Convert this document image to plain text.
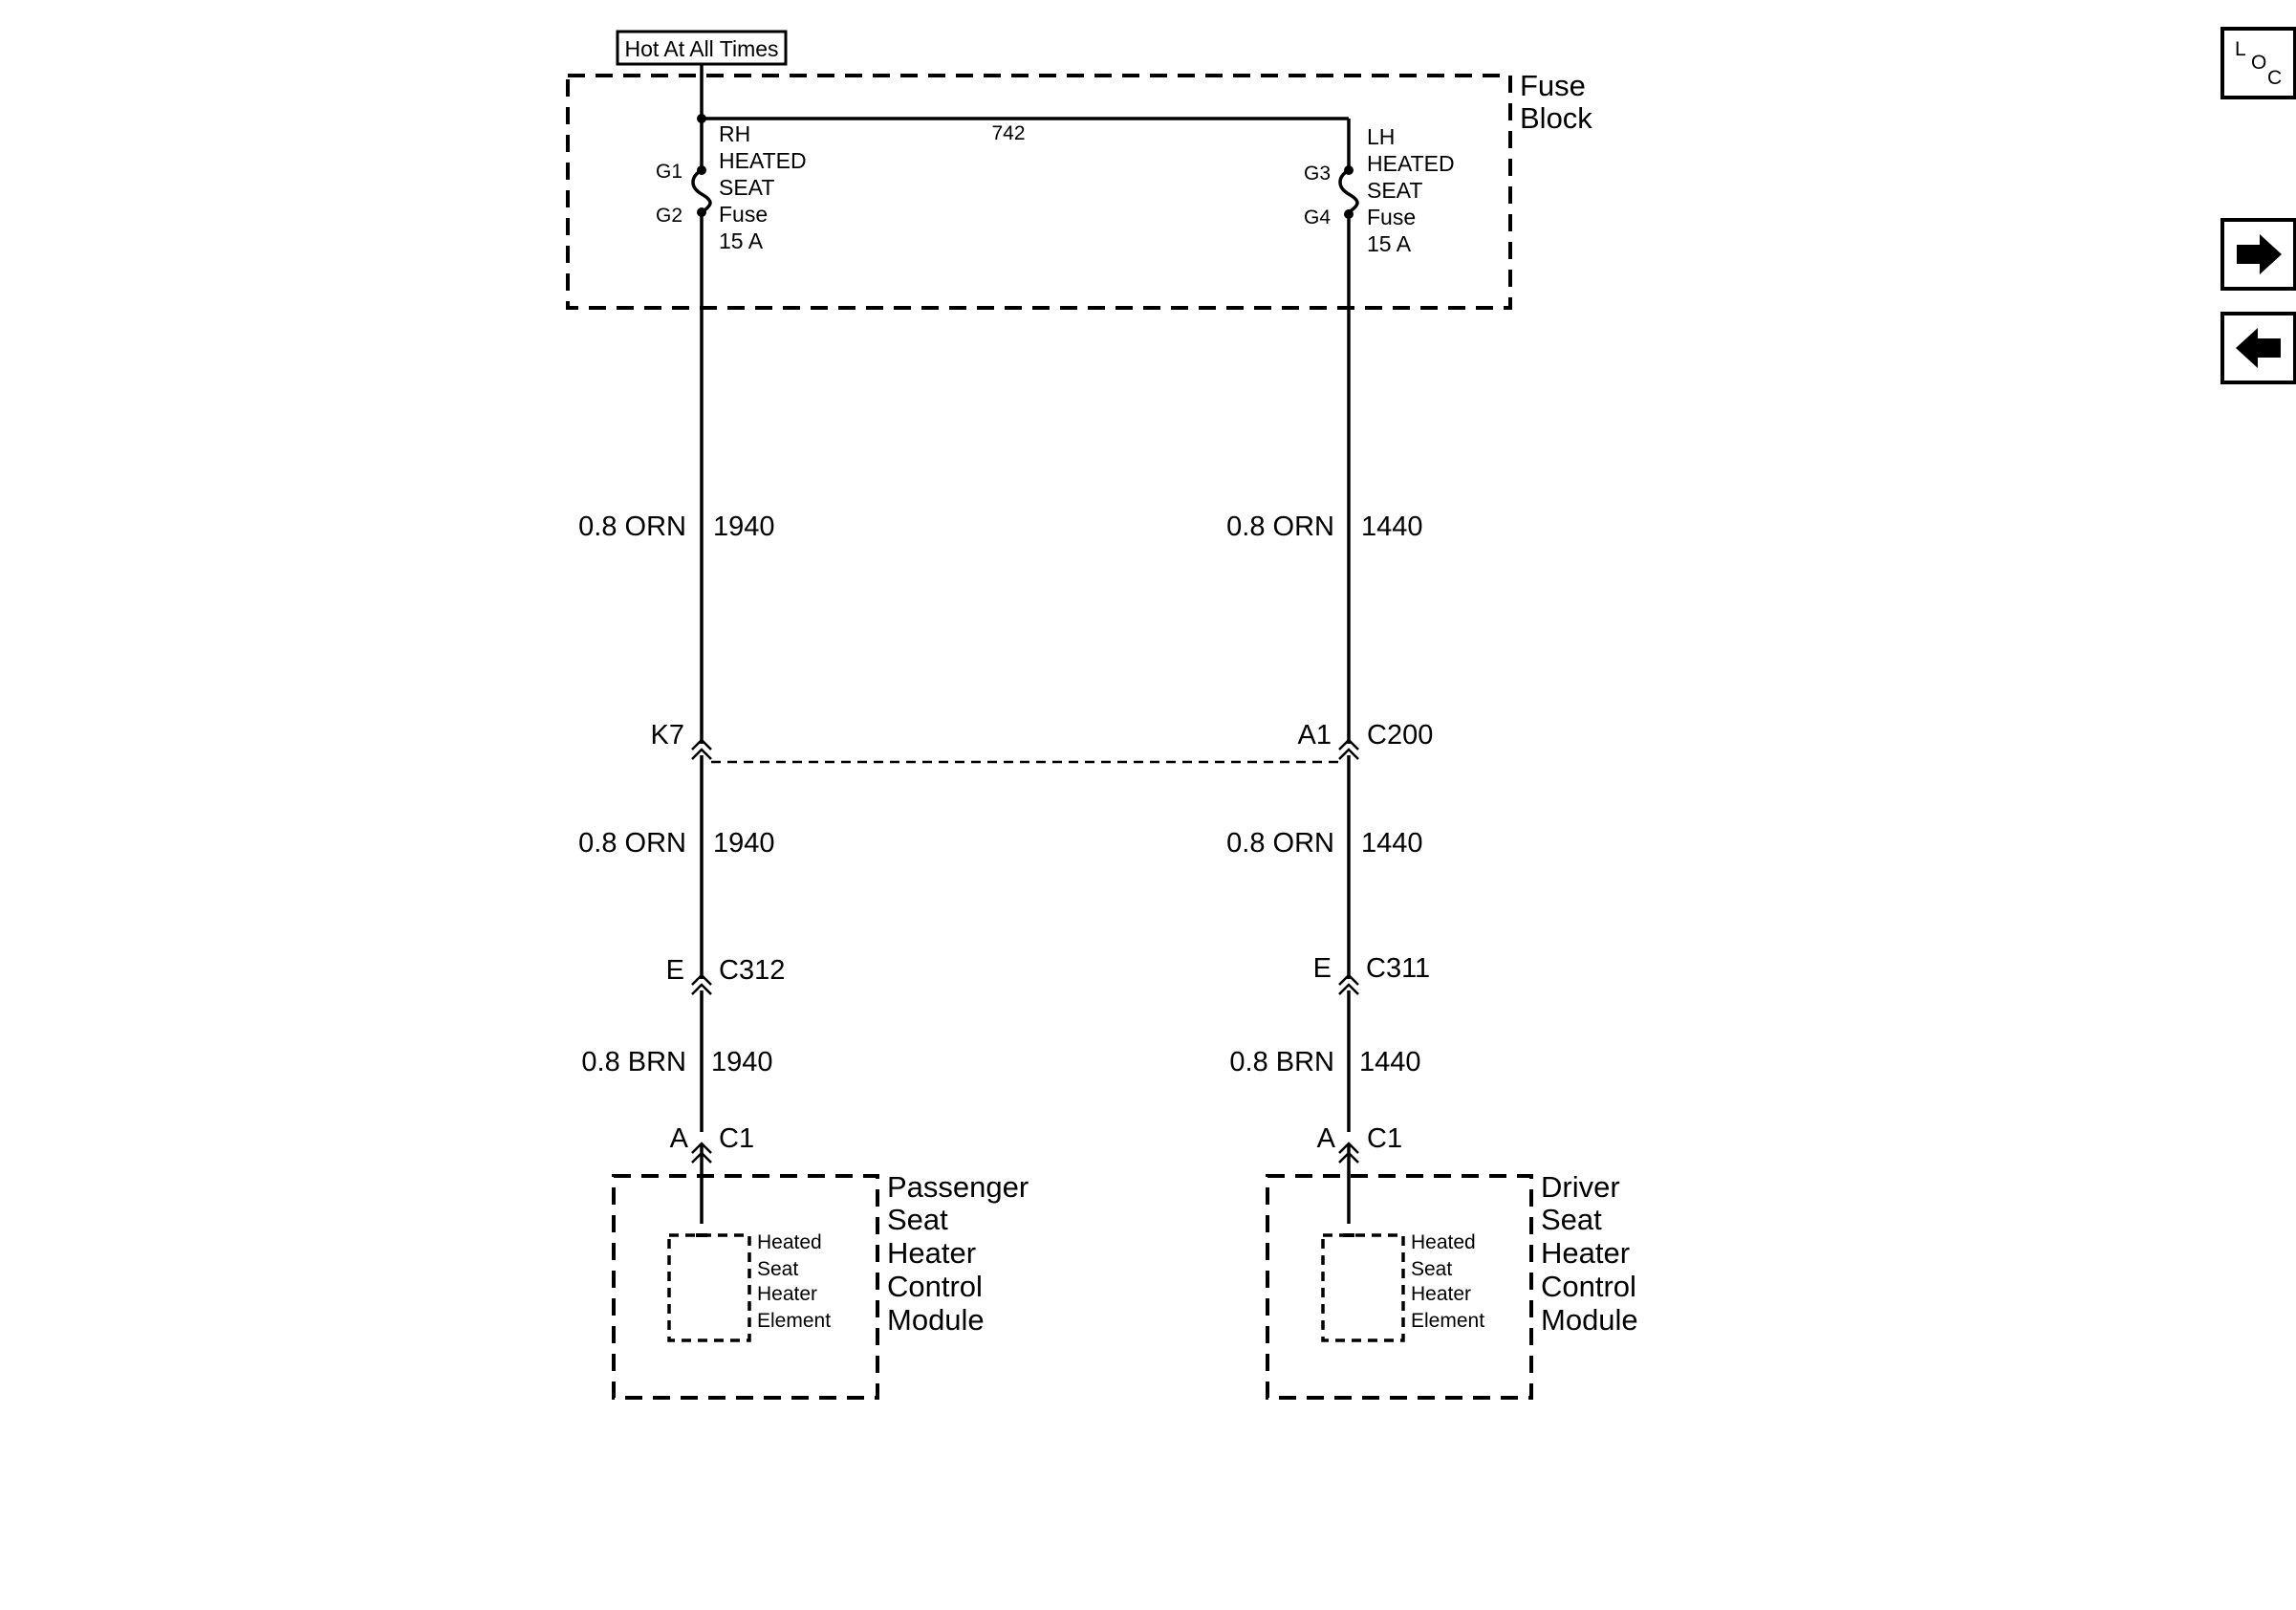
Hot At All Times
Fuse
Block
742
G1
G2
RH
HEATED
SEAT
Fuse
15 A
G3
G4
LH
HEATED
SEAT
Fuse
15 A
0.8 ORN 1940
K7
0.8 ORN 1940
E C312
0.8 BRN 1940
A C1
0.8 ORN 1440
A1 C200
0.8 ORN 1440
E C311
0.8 BRN 1440
A C1
Heated
Seat
Heater
Element
Passenger
Seat
Heater
Control
Module
Heated
Seat
Heater
Element
Driver
Seat
Heater
Control
Module
L
O
C
